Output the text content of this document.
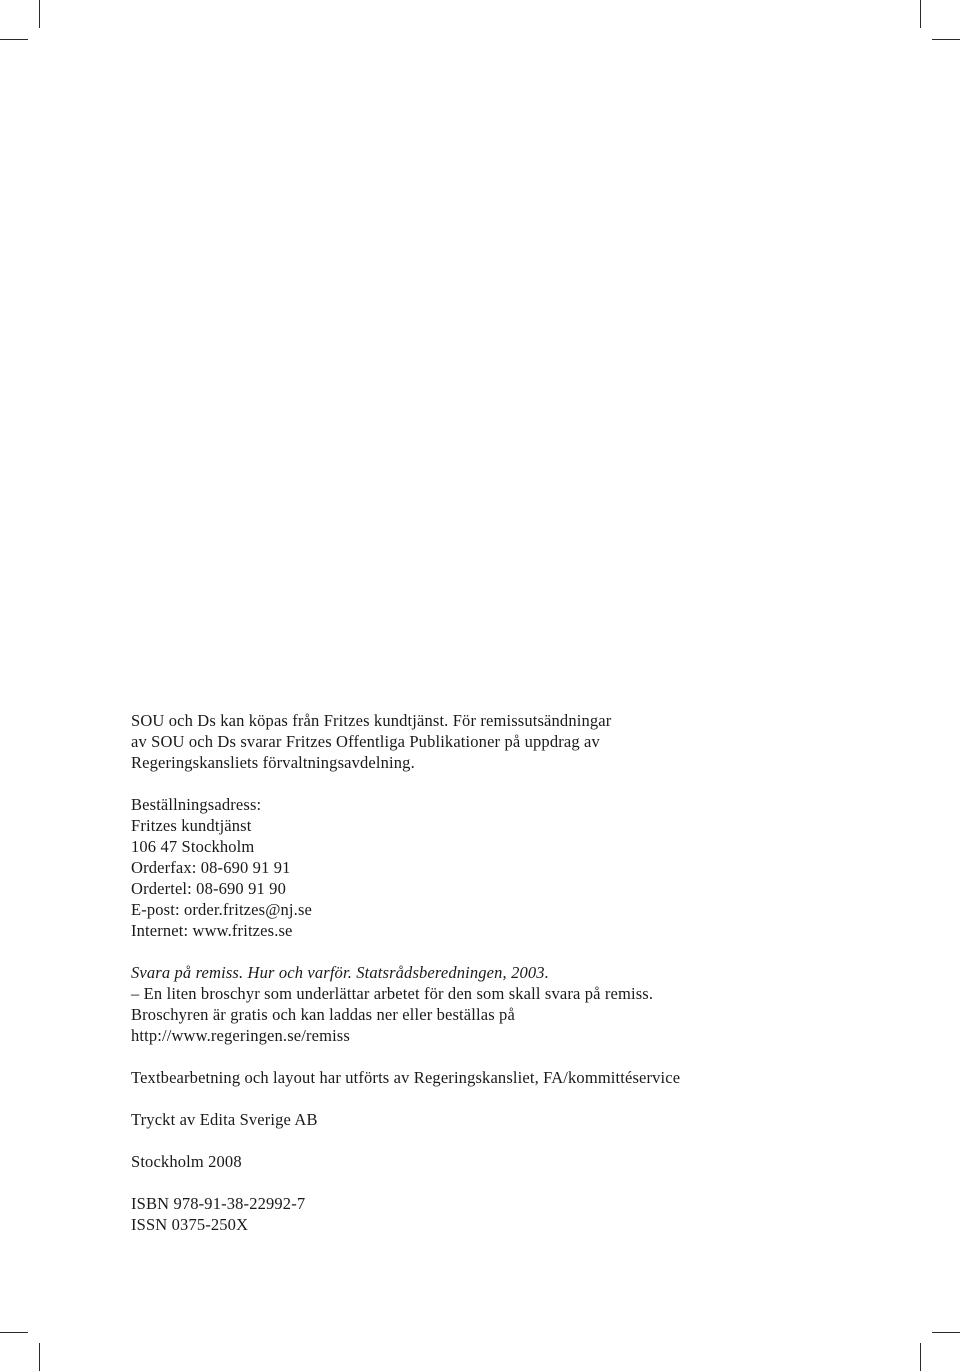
SOU och Ds kan köpas från Fritzes kundtjänst. För remissutsändningar

av SOU och Ds svarar Fritzes Offentliga Publikationer på uppdrag av

Regeringskansliets förvaltningsavdelning.

Beställningsadress:

Fritzes kundtjänst

106 47 Stockholm

Orderfax: 08-690 91 91

Ordertel: 08-690 91 90

E-post: order.fritzes@nj.se

Internet: www.fritzes.se

Svara på remiss. Hur och varför. Statsrådsberedningen, 2003.

– En liten broschyr som underlättar arbetet för den som skall svara på remiss.

Broschyren är gratis och kan laddas ner eller beställas på

http://www.regeringen.se/remiss

Textbearbetning och layout har utförts av Regeringskansliet, FA/kommittéservice

Tryckt av Edita Sverige AB

Stockholm 2008

ISBN 978-91-38-22992-7

ISSN 0375-250X
